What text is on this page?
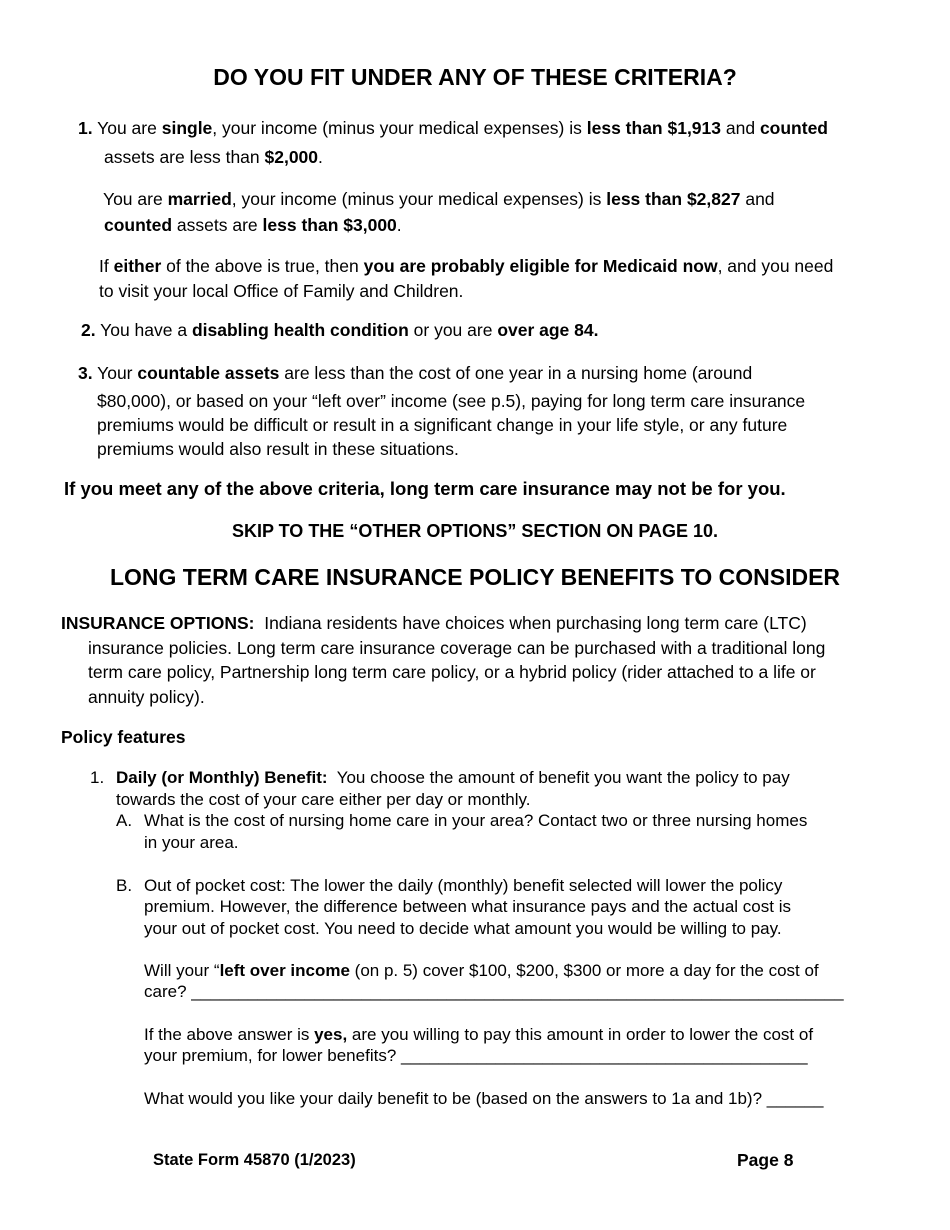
DO YOU FIT UNDER ANY OF THESE CRITERIA?
1. You are single, your income (minus your medical expenses) is less than $1,913 and counted
assets are less than $2,000.
You are married, your income (minus your medical expenses) is less than $2,827 and
counted assets are less than $3,000.
If either of the above is true, then you are probably eligible for Medicaid now, and you need
to visit your local Office of Family and Children.
2. You have a disabling health condition or you are over age 84.
3. Your countable assets are less than the cost of one year in a nursing home (around
$80,000), or based on your “left over” income (see p.5), paying for long term care insurance
premiums would be difficult or result in a significant change in your life style, or any future
premiums would also result in these situations.
If you meet any of the above criteria, long term care insurance may not be for you.
SKIP TO THE “OTHER OPTIONS” SECTION ON PAGE 10.
LONG TERM CARE INSURANCE POLICY BENEFITS TO CONSIDER
INSURANCE OPTIONS:  Indiana residents have choices when purchasing long term care (LTC)
insurance policies. Long term care insurance coverage can be purchased with a traditional long
term care policy, Partnership long term care policy, or a hybrid policy (rider attached to a life or
annuity policy).
Policy features
1. Daily (or Monthly) Benefit:  You choose the amount of benefit you want the policy to pay
towards the cost of your care either per day or monthly.
A. What is the cost of nursing home care in your area? Contact two or three nursing homes
in your area.
B. Out of pocket cost: The lower the daily (monthly) benefit selected will lower the policy
premium. However, the difference between what insurance pays and the actual cost is
your out of pocket cost. You need to decide what amount you would be willing to pay.
Will your “left over income (on p. 5) cover $100, $200, $300 or more a day for the cost of
care? _____________________________________________________________________
If the above answer is yes, are you willing to pay this amount in order to lower the cost of
your premium, for lower benefits? ___________________________________________
What would you like your daily benefit to be (based on the answers to 1a and 1b)? ______
State Form 45870 (1/2023)	Page 8
